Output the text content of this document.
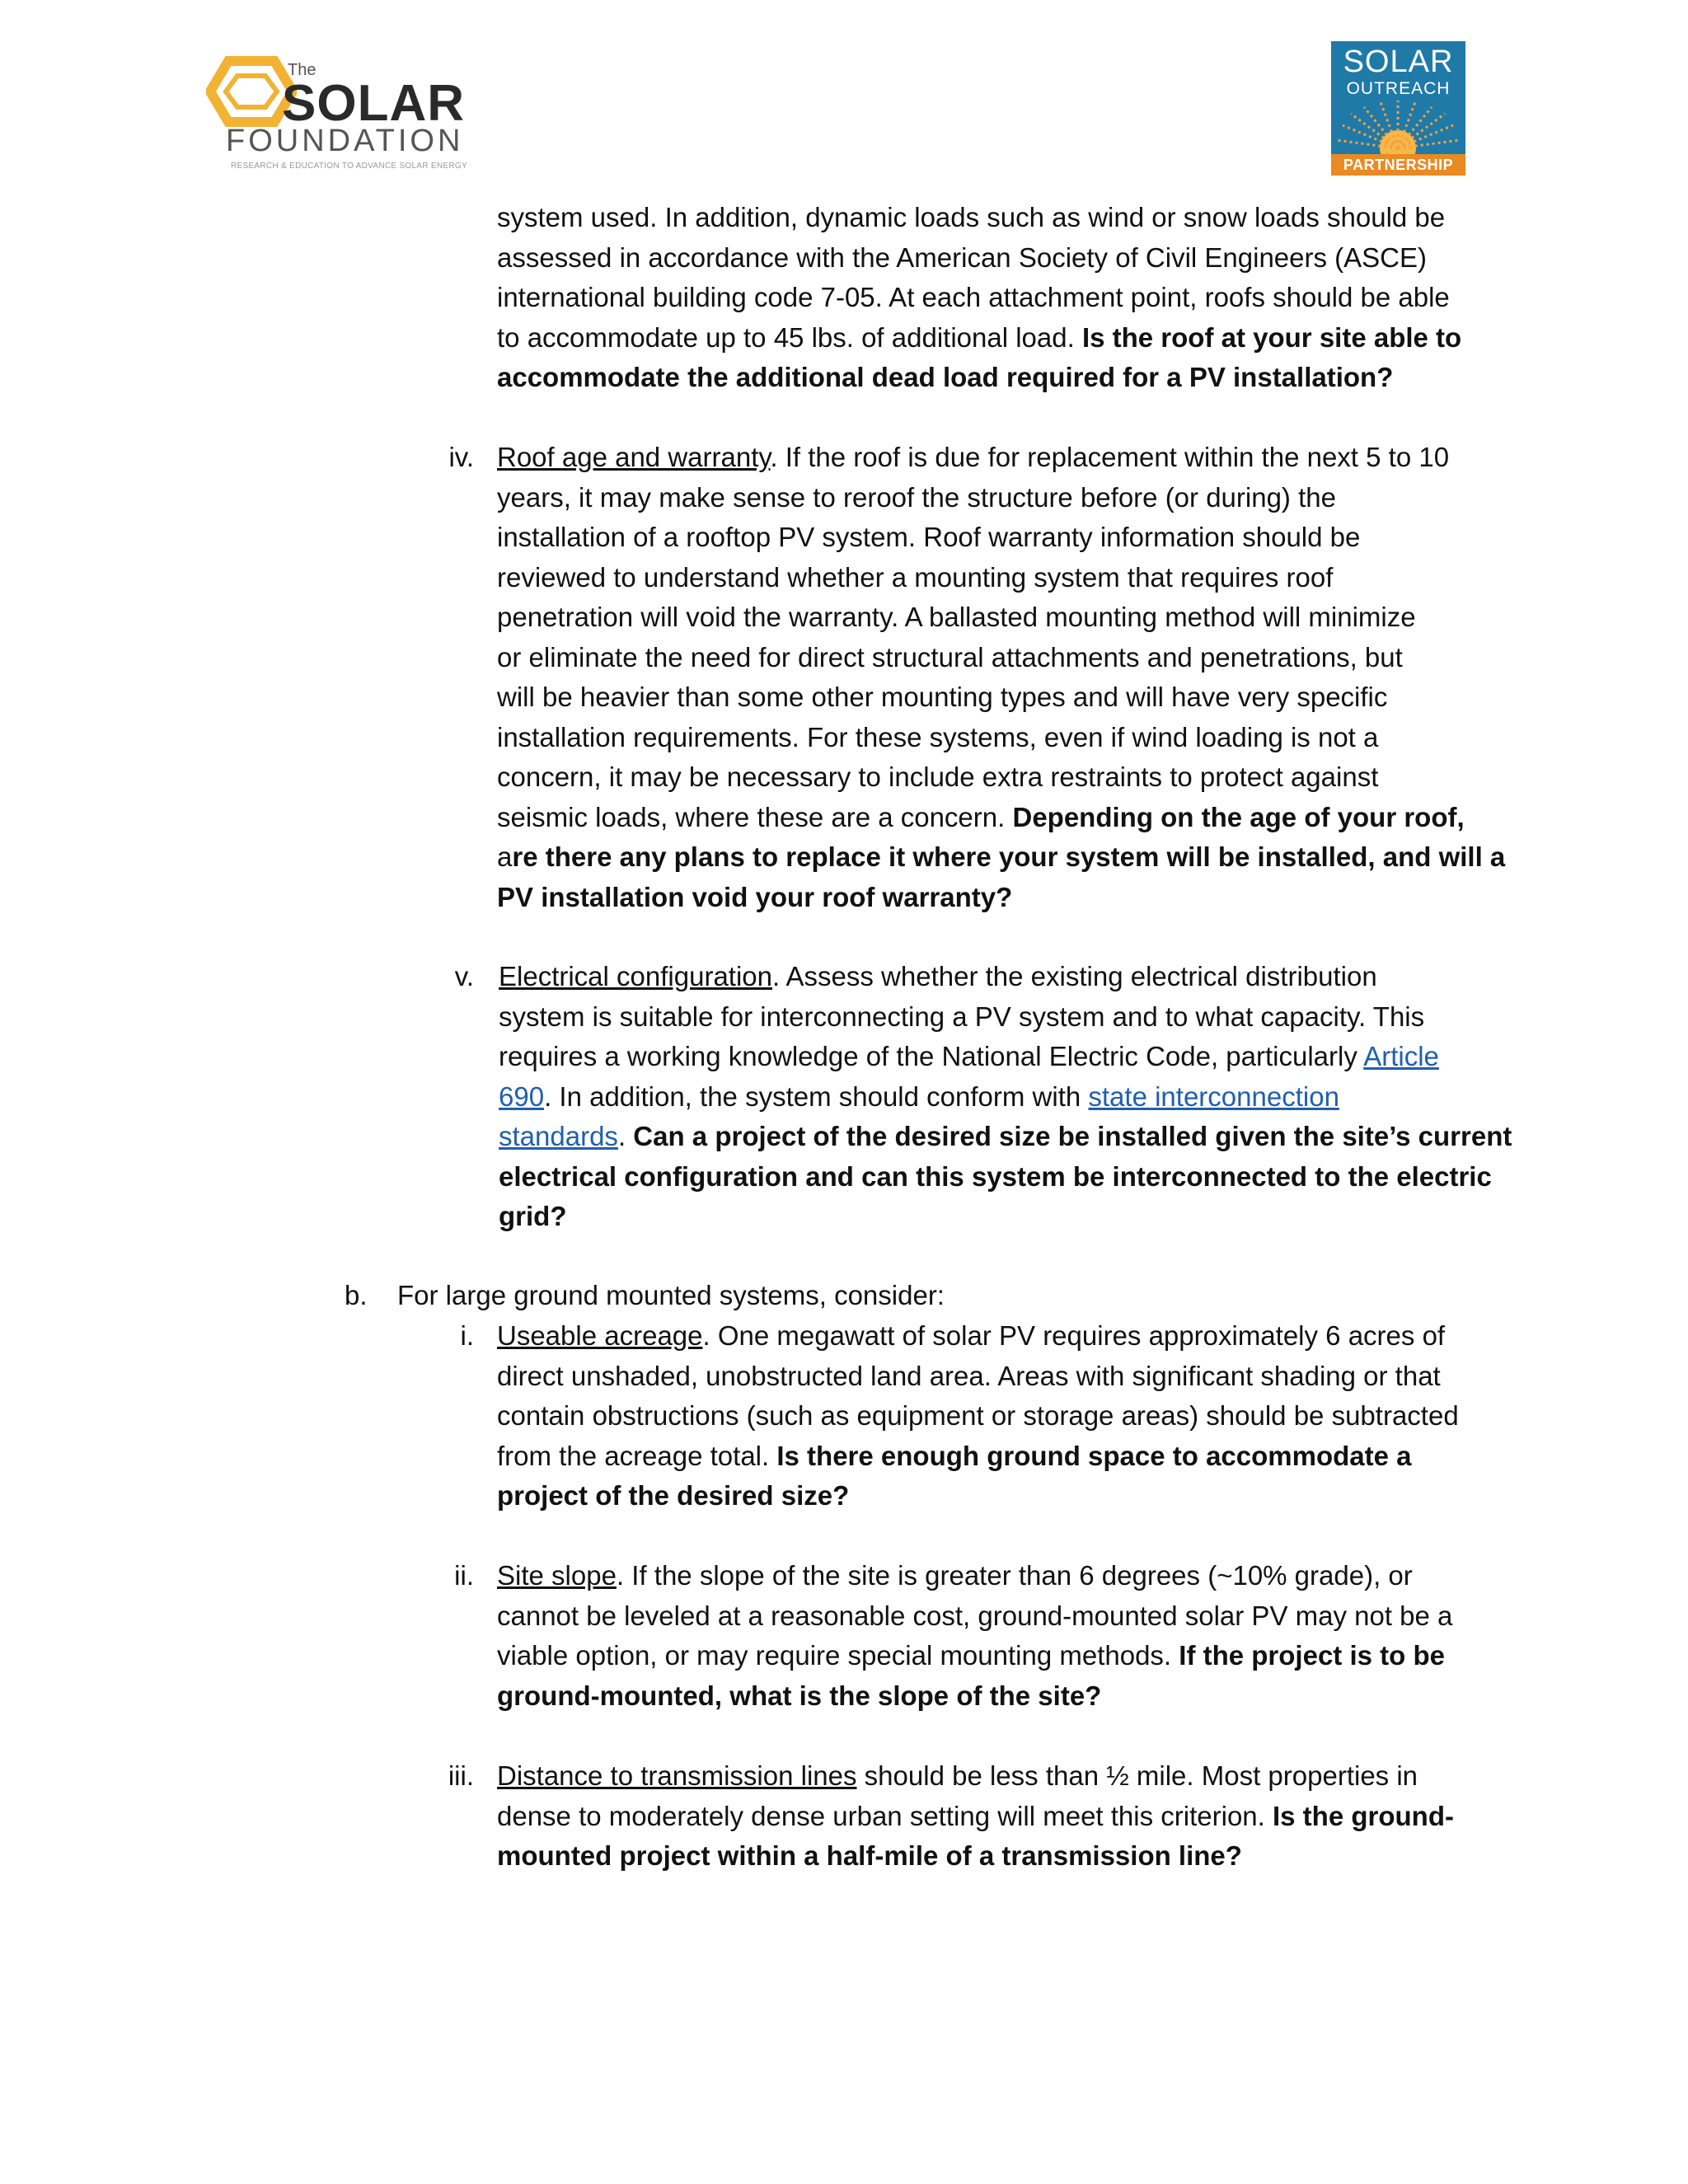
The
SOLAR
FOUNDATION
RESEARCH & EDUCATION TO ADVANCE SOLAR ENERGY
SOLAR
OUTREACH
PARTNERSHIP
system used. In addition, dynamic loads such as wind or snow loads should be
assessed in accordance with the American Society of Civil Engineers (ASCE)
international building code 7-05. At each attachment point, roofs should be able
to accommodate up to 45 lbs. of additional load. Is the roof at your site able to
accommodate the additional dead load required for a PV installation?
iv. Roof age and warranty. If the roof is due for replacement within the next 5 to 10
years, it may make sense to reroof the structure before (or during) the
installation of a rooftop PV system. Roof warranty information should be
reviewed to understand whether a mounting system that requires roof
penetration will void the warranty. A ballasted mounting method will minimize
or eliminate the need for direct structural attachments and penetrations, but
will be heavier than some other mounting types and will have very specific
installation requirements. For these systems, even if wind loading is not a
concern, it may be necessary to include extra restraints to protect against
seismic loads, where these are a concern. Depending on the age of your roof,
are there any plans to replace it where your system will be installed, and will a
PV installation void your roof warranty?
v. Electrical configuration. Assess whether the existing electrical distribution
system is suitable for interconnecting a PV system and to what capacity. This
requires a working knowledge of the National Electric Code, particularly Article
690. In addition, the system should conform with state interconnection
standards. Can a project of the desired size be installed given the site’s current
electrical configuration and can this system be interconnected to the electric
grid?
b. For large ground mounted systems, consider:
i. Useable acreage. One megawatt of solar PV requires approximately 6 acres of
direct unshaded, unobstructed land area. Areas with significant shading or that
contain obstructions (such as equipment or storage areas) should be subtracted
from the acreage total. Is there enough ground space to accommodate a
project of the desired size?
ii. Site slope. If the slope of the site is greater than 6 degrees (~10% grade), or
cannot be leveled at a reasonable cost, ground-mounted solar PV may not be a
viable option, or may require special mounting methods. If the project is to be
ground-mounted, what is the slope of the site?
iii. Distance to transmission lines should be less than ½ mile. Most properties in
dense to moderately dense urban setting will meet this criterion. Is the ground-
mounted project within a half-mile of a transmission line?
